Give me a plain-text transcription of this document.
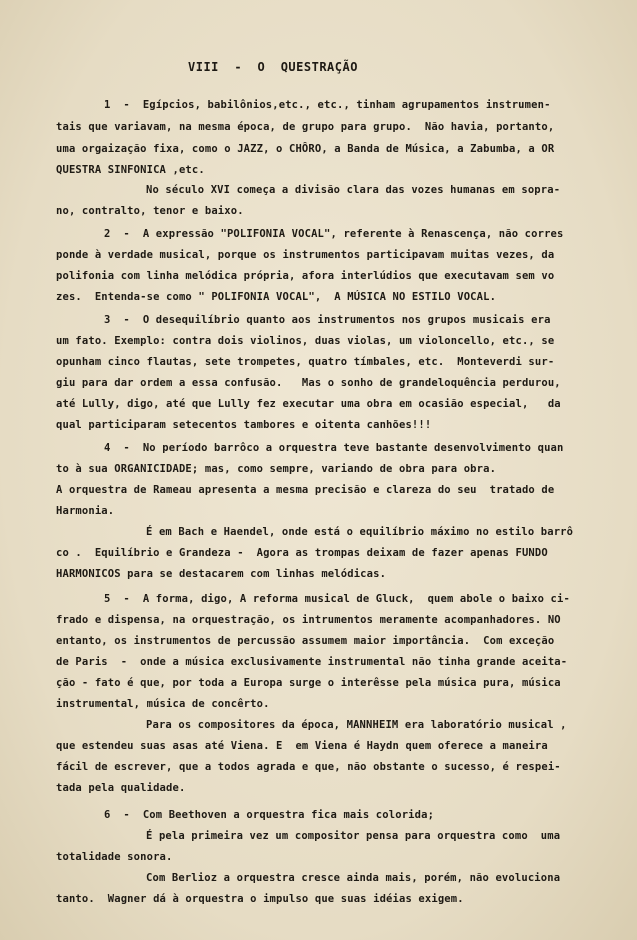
VIII  -  O  QUESTRAÇÃO
1  -  Egípcios, babilônios,etc., etc., tinham agrupamentos instrumen-
tais que variavam, na mesma época, de grupo para grupo.  Não havia, portanto,
uma orgaização fixa, como o JAZZ, o CHÔRO, a Banda de Música, a Zabumba, a OR
QUESTRA SINFONICA ,etc.
No século XVI começa a divisão clara das vozes humanas em sopra-
no, contralto, tenor e baixo.
2  -  A expressão "POLIFONIA VOCAL", referente à Renascença, não corres
ponde à verdade musical, porque os instrumentos participavam muitas vezes, da
polifonia com linha melódica própria, afora interlúdios que executavam sem vo
zes.  Entenda-se como " POLIFONIA VOCAL",  A MÚSICA NO ESTILO VOCAL.
3  -  O desequilíbrio quanto aos instrumentos nos grupos musicais era
um fato. Exemplo: contra dois violinos, duas violas, um violoncello, etc., se
opunham cinco flautas, sete trompetes, quatro tímbales, etc.  Monteverdi sur-
giu para dar ordem a essa confusão.   Mas o sonho de grandeloquência perdurou,
até Lully, digo, até que Lully fez executar uma obra em ocasião especial,   da
qual participaram setecentos tambores e oitenta canhões!!!
4  -  No período barrôco a orquestra teve bastante desenvolvimento quan
to à sua ORGANICIDADE; mas, como sempre, variando de obra para obra.
A orquestra de Rameau apresenta a mesma precisão e clareza do seu  tratado de
Harmonia.
É em Bach e Haendel, onde está o equilíbrio máximo no estilo barrô
co .  Equilíbrio e Grandeza -  Agora as trompas deixam de fazer apenas FUNDO
HARMONICOS para se destacarem com linhas melódicas.
5  -  A forma, digo, A reforma musical de Gluck,  quem abole o baixo ci-
frado e dispensa, na orquestração, os intrumentos meramente acompanhadores. NO
entanto, os instrumentos de percussão assumem maior importância.  Com exceção
de Paris  -  onde a música exclusivamente instrumental não tinha grande aceita-
ção - fato é que, por toda a Europa surge o interêsse pela música pura, música
instrumental, música de concêrto.
Para os compositores da época, MANNHEIM era laboratório musical ,
que estendeu suas asas até Viena. E  em Viena é Haydn quem oferece a maneira
fácil de escrever, que a todos agrada e que, não obstante o sucesso, é respei-
tada pela qualidade.
6  -  Com Beethoven a orquestra fica mais colorida;
É pela primeira vez um compositor pensa para orquestra como  uma
totalidade sonora.
Com Berlioz a orquestra cresce ainda mais, porém, não evoluciona
tanto.  Wagner dá à orquestra o impulso que suas idéias exigem.
